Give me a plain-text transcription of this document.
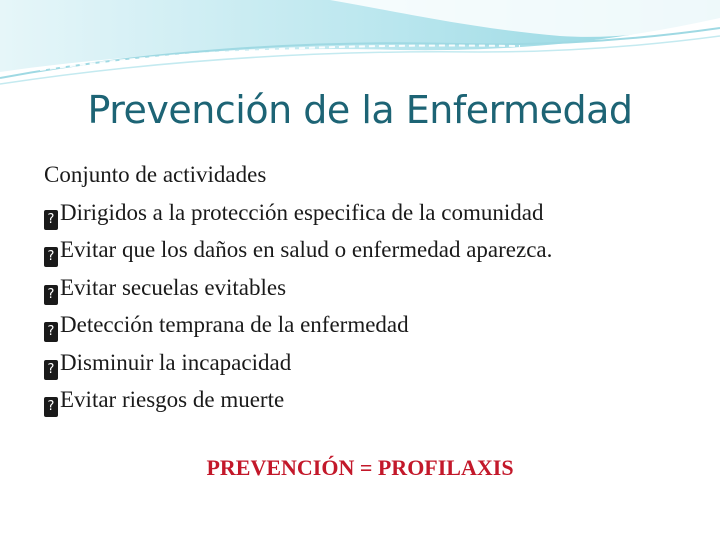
Prevención de la Enfermedad
Conjunto de actividades
? Dirigidos a la protección especifica de la comunidad
? Evitar que los daños en salud o enfermedad aparezca.
? Evitar secuelas evitables
? Detección temprana de la enfermedad
? Disminuir la incapacidad
? Evitar riesgos de muerte
PREVENCIÓN = PROFILAXIS
